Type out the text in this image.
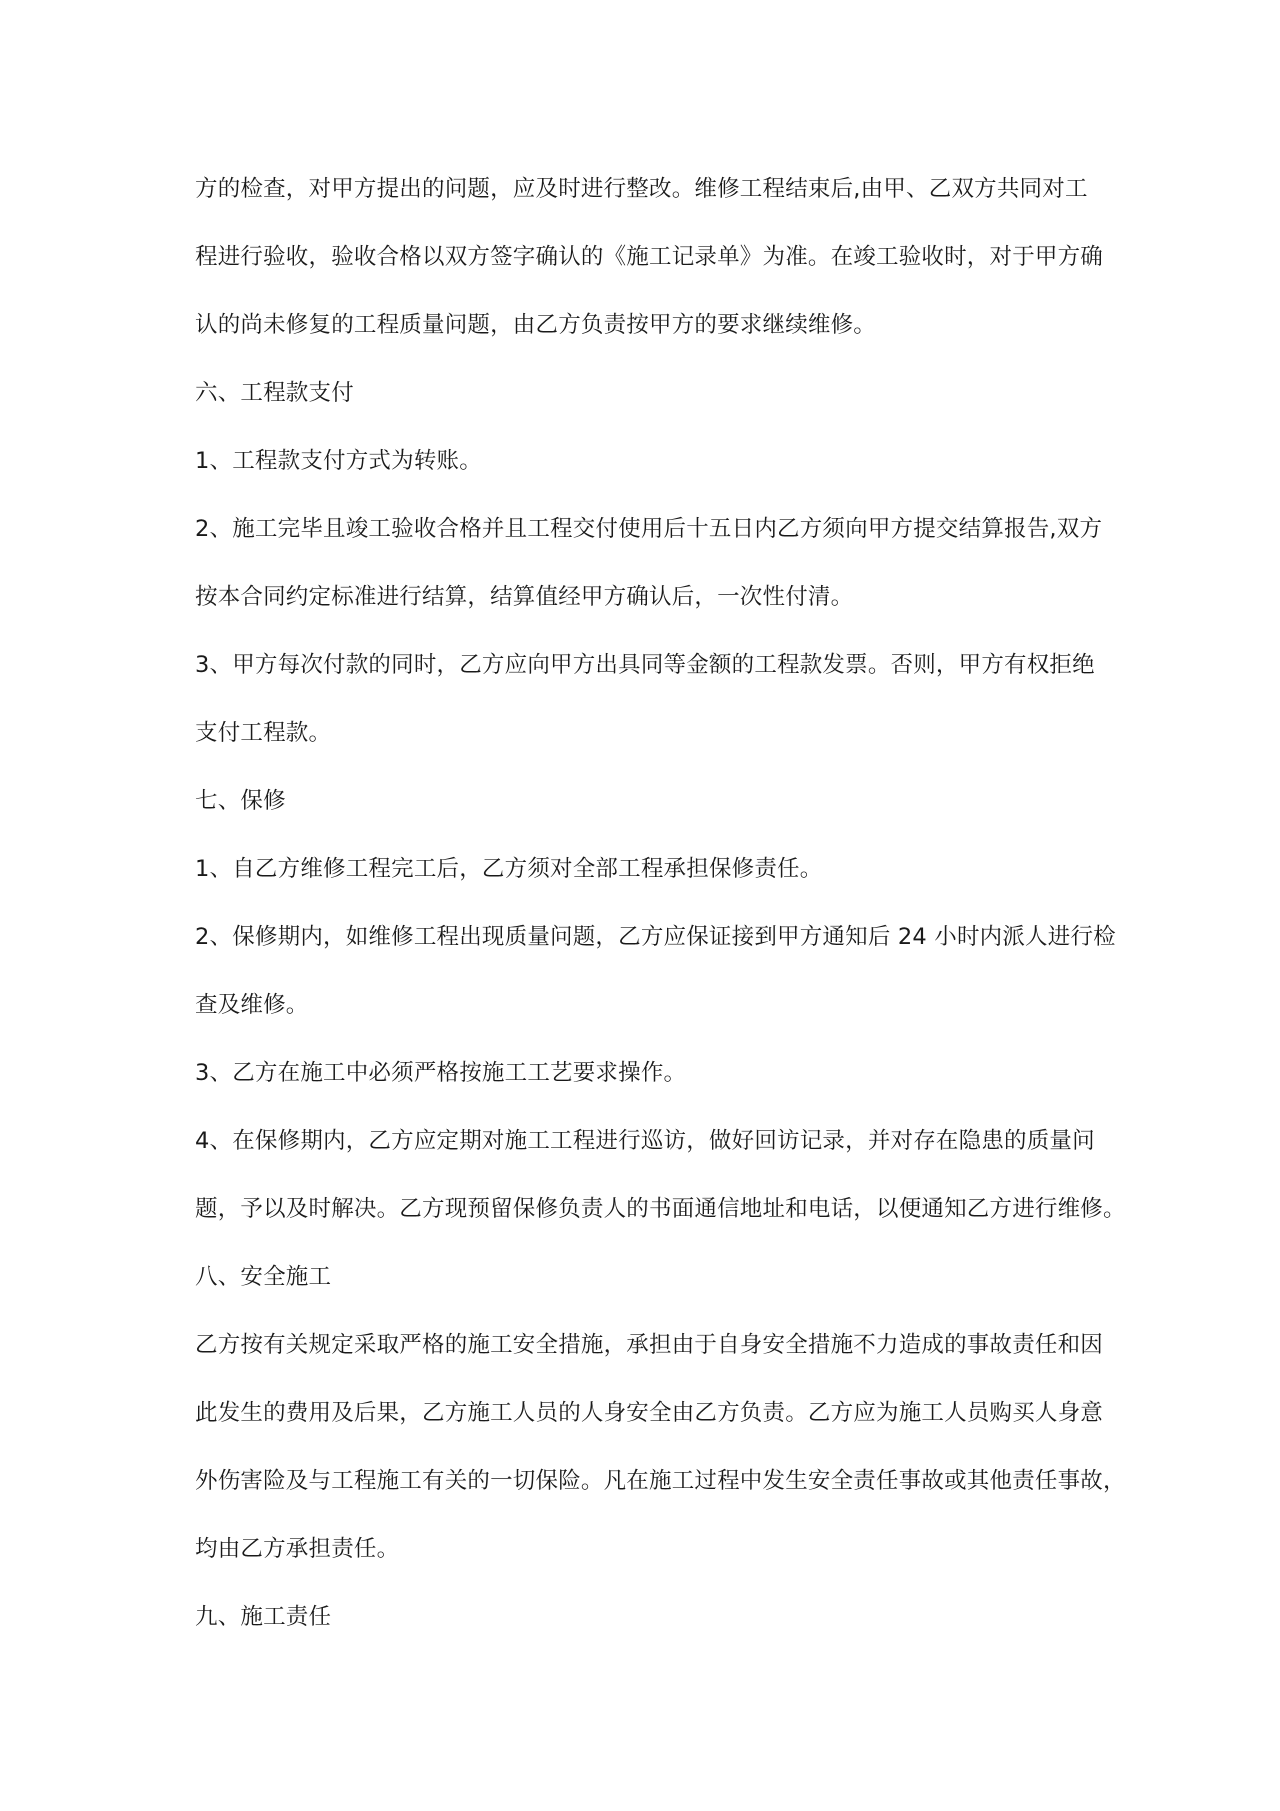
方的检查，对甲方提出的问题，应及时进行整改。维修工程结束后,由甲、乙双方共同对工
程进行验收，验收合格以双方签字确认的《施工记录单》为准。在竣工验收时，对于甲方确
认的尚未修复的工程质量问题，由乙方负责按甲方的要求继续维修。
六、工程款支付
1、工程款支付方式为转账。
2、施工完毕且竣工验收合格并且工程交付使用后十五日内乙方须向甲方提交结算报告,双方
按本合同约定标准进行结算，结算值经甲方确认后，一次性付清。
3、甲方每次付款的同时，乙方应向甲方出具同等金额的工程款发票。否则，甲方有权拒绝
支付工程款。
七、保修
1、自乙方维修工程完工后，乙方须对全部工程承担保修责任。
2、保修期内，如维修工程出现质量问题，乙方应保证接到甲方通知后 24 小时内派人进行检
查及维修。
3、乙方在施工中必须严格按施工工艺要求操作。
4、在保修期内，乙方应定期对施工工程进行巡访，做好回访记录，并对存在隐患的质量问
题，予以及时解决。乙方现预留保修负责人的书面通信地址和电话，以便通知乙方进行维修。
八、安全施工
乙方按有关规定采取严格的施工安全措施，承担由于自身安全措施不力造成的事故责任和因
此发生的费用及后果，乙方施工人员的人身安全由乙方负责。乙方应为施工人员购买人身意
外伤害险及与工程施工有关的一切保险。凡在施工过程中发生安全责任事故或其他责任事故，
均由乙方承担责任。
九、施工责任
